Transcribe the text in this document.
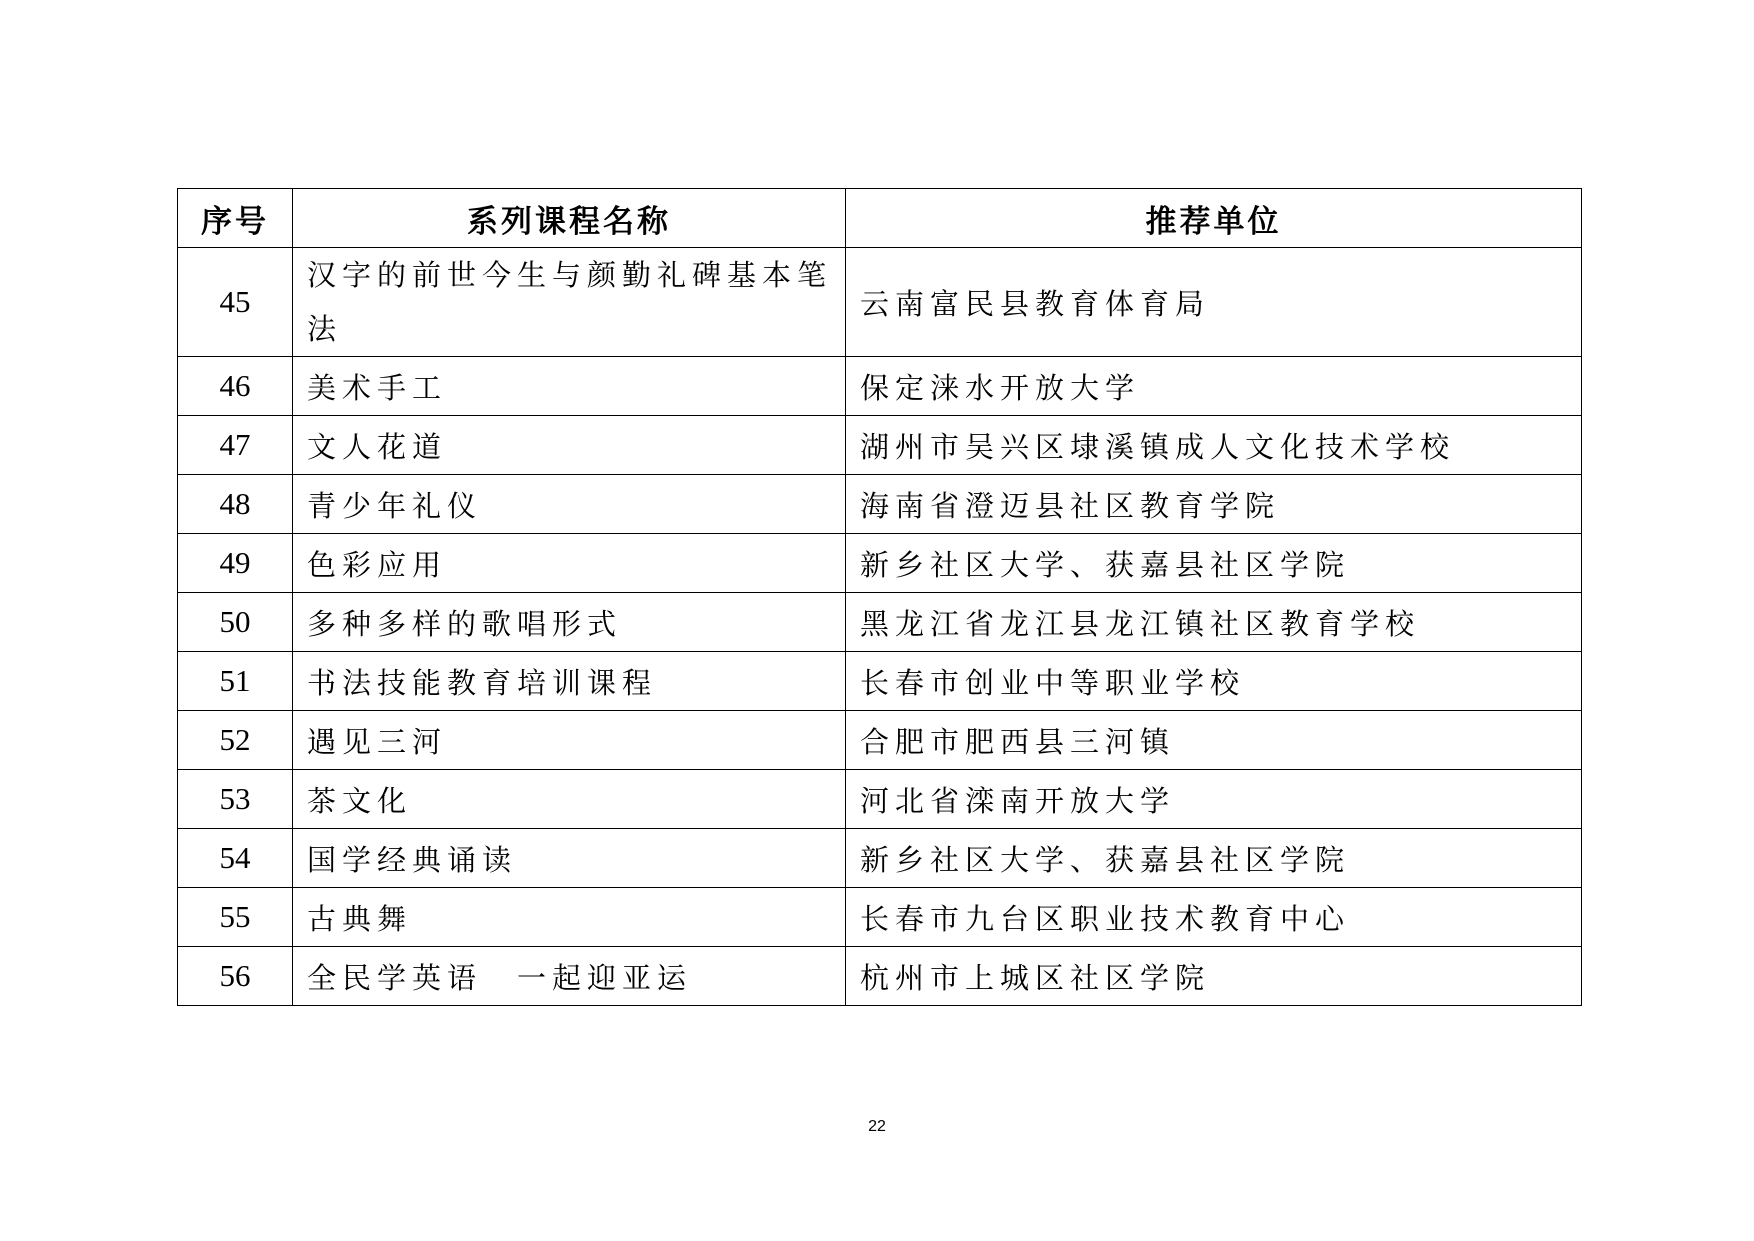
序号	系列课程名称	推荐单位
45	汉字的前世今生与颜勤礼碑基本笔法	云南富民县教育体育局
46	美术手工	保定涞水开放大学
47	文人花道	湖州市吴兴区埭溪镇成人文化技术学校
48	青少年礼仪	海南省澄迈县社区教育学院
49	色彩应用	新乡社区大学、获嘉县社区学院
50	多种多样的歌唱形式	黑龙江省龙江县龙江镇社区教育学校
51	书法技能教育培训课程	长春市创业中等职业学校
52	遇见三河	合肥市肥西县三河镇
53	茶文化	河北省滦南开放大学
54	国学经典诵读	新乡社区大学、获嘉县社区学院
55	古典舞	长春市九台区职业技术教育中心
56	全民学英语　一起迎亚运	杭州市上城区社区学院
22
